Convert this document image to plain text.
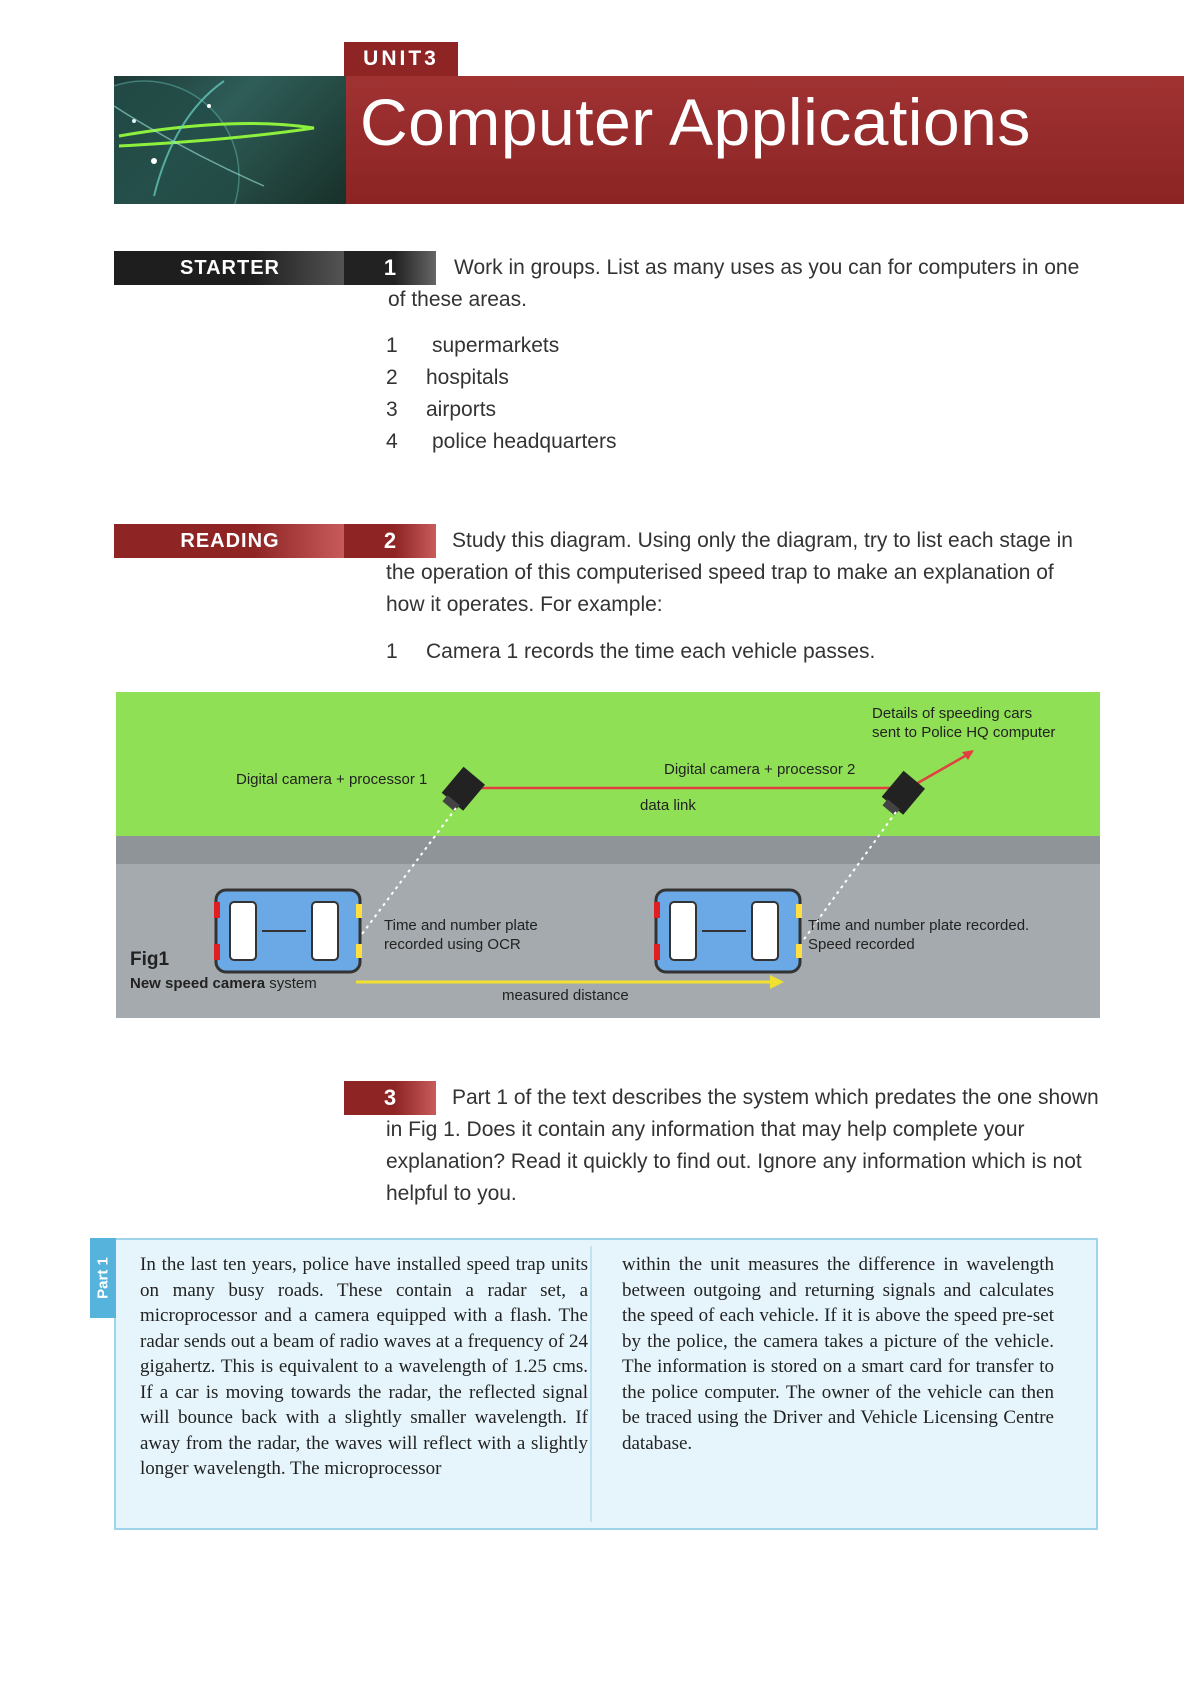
UNIT3
Computer Applications
STARTER	1	Work in groups. List as many uses as you can for computers in one of these areas.
1	supermarkets
2	hospitals
3	airports
4	police headquarters
READING	2	Study this diagram. Using only the diagram, try to list each stage in the operation of this computerised speed trap to make an explanation of how it operates. For example:
1	Camera 1 records the time each vehicle passes.
Digital camera + processor 1
Digital camera + processor 2
data link
Details of speeding cars
sent to Police HQ computer
Time and number plate
recorded using OCR
Time and number plate recorded.
Speed recorded
measured distance
Fig1
New speed camera system
3	Part 1 of the text describes the system which predates the one shown in Fig 1. Does it contain any information that may help complete your explanation? Read it quickly to find out. Ignore any information which is not helpful to you.
Part 1 In the last ten years, police have installed speed trap units on many busy roads. These contain a radar set, a microprocessor and a camera equipped with a flash. The radar sends out a beam of radio waves at a frequency of 24 gigahertz. This is equivalent to a wavelength of 1.25 cms. If a car is moving towards the radar, the reflected signal will bounce back with a slightly smaller wavelength. If away from the radar, the waves will reflect with a slightly longer wavelength. The microprocessor
within the unit measures the difference in wavelength between outgoing and returning signals and calculates the speed of each vehicle. If it is above the speed pre-set by the police, the camera takes a picture of the vehicle. The information is stored on a smart card for transfer to the police computer. The owner of the vehicle can then be traced using the Driver and Vehicle Licensing Centre database.
